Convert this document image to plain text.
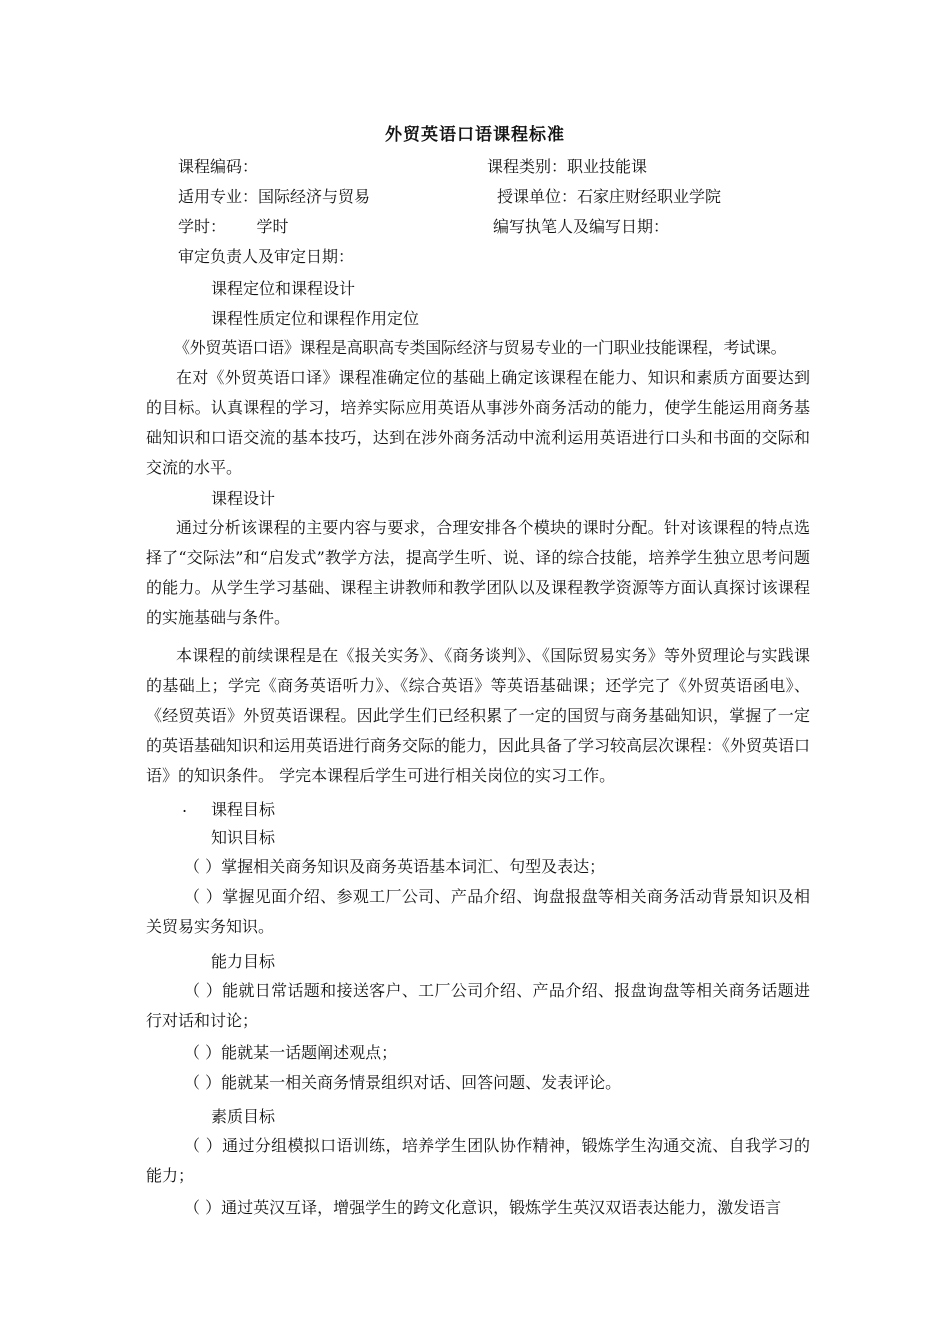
外贸英语口语课程标准
课程编码：	课程类别：职业技能课
适用专业：国际经济与贸易	授课单位：石家庄财经职业学院
学时：      学时	编写执笔人及编写日期：
审定负责人及审定日期：
课程定位和课程设计
课程性质定位和课程作用定位
《外贸英语口语》课程是高职高专类国际经济与贸易专业的一门职业技能课程，考试课。
在对《外贸英语口译》课程准确定位的基础上确定该课程在能力、知识和素质方面要达到的目标。认真课程的学习，培养实际应用英语从事涉外商务活动的能力，使学生能运用商务基础知识和口语交流的基本技巧，达到在涉外商务活动中流利运用英语进行口头和书面的交际和交流的水平。
课程设计
通过分析该课程的主要内容与要求，合理安排各个模块的课时分配。针对该课程的特点选择了“交际法”和“启发式”教学方法，提高学生听、说、译的综合技能，培养学生独立思考问题的能力。从学生学习基础、课程主讲教师和教学团队以及课程教学资源等方面认真探讨该课程的实施基础与条件。
本课程的前续课程是在《报关实务》、《商务谈判》、《国际贸易实务》等外贸理论与实践课的基础上；学完《商务英语听力》、《综合英语》等英语基础课；还学完了《外贸英语函电》、《经贸英语》外贸英语课程。因此学生们已经积累了一定的国贸与商务基础知识，掌握了一定的英语基础知识和运用英语进行商务交际的能力，因此具备了学习较高层次课程：《外贸英语口语》的知识条件。 学完本课程后学生可进行相关岗位的实习工作。
. 课程目标
知识目标
（ ）掌握相关商务知识及商务英语基本词汇、句型及表达；
（ ）掌握见面介绍、参观工厂公司、产品介绍、询盘报盘等相关商务活动背景知识及相关贸易实务知识。
能力目标
（ ）能就日常话题和接送客户、工厂公司介绍、产品介绍、报盘询盘等相关商务话题进行对话和讨论；
（ ）能就某一话题阐述观点；
（ ）能就某一相关商务情景组织对话、回答问题、发表评论。
素质目标
（ ）通过分组模拟口语训练，培养学生团队协作精神，锻炼学生沟通交流、自我学习的能力；
（ ）通过英汉互译，增强学生的跨文化意识，锻炼学生英汉双语表达能力，激发语言
